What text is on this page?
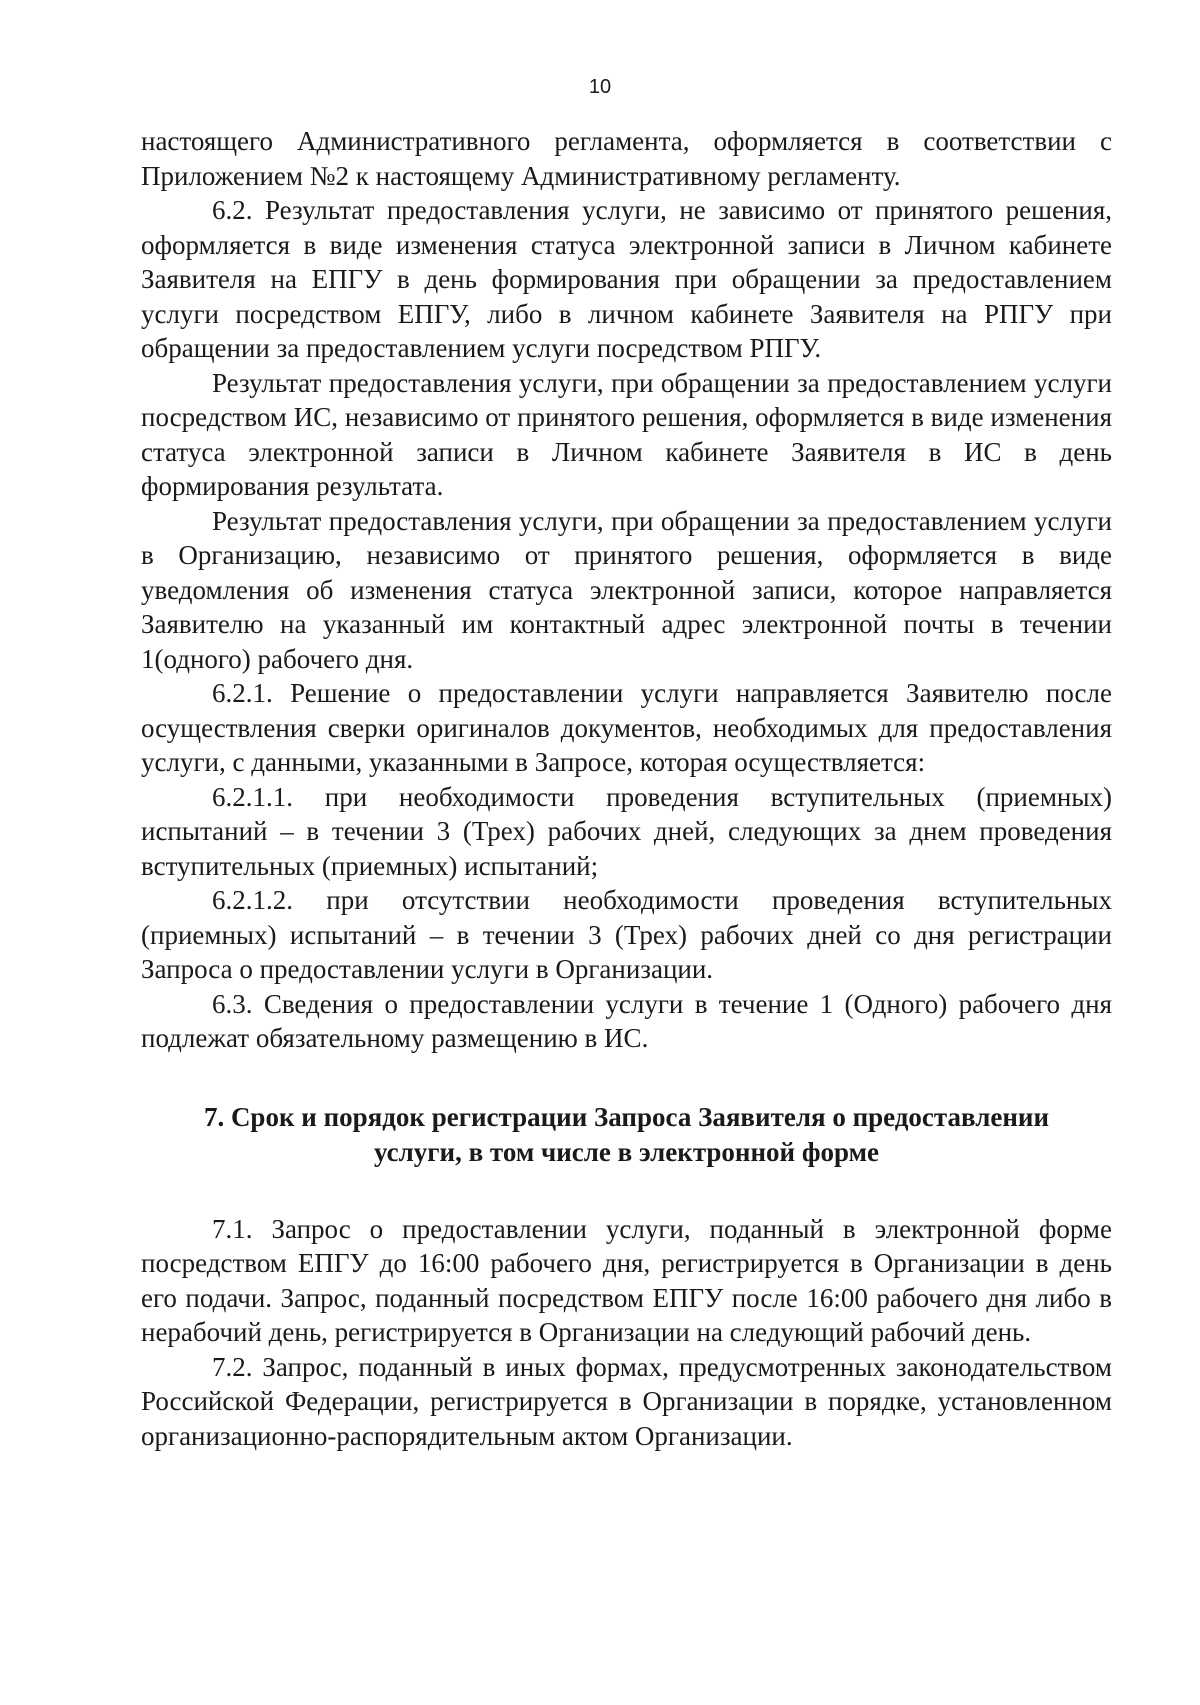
10

настоящего Административного регламента, оформляется в соответствии с Приложением №2 к настоящему Административному регламенту.

6.2. Результат предоставления услуги, не зависимо от принятого решения, оформляется в виде изменения статуса электронной записи в Личном кабинете Заявителя на ЕПГУ в день формирования при обращении за предоставлением услуги посредством ЕПГУ, либо в личном кабинете Заявителя на РПГУ при обращении за предоставлением услуги посредством РПГУ.

Результат предоставления услуги, при обращении за предоставлением услуги посредством ИС, независимо от принятого решения, оформляется в виде изменения статуса электронной записи в Личном кабинете Заявителя в ИС в день формирования результата.

Результат предоставления услуги, при обращении за предоставлением услуги в Организацию, независимо от принятого решения, оформляется в виде уведомления об изменения статуса электронной записи, которое направляется Заявителю на указанный им контактный адрес электронной почты в течении 1(одного) рабочего дня.

6.2.1. Решение о предоставлении услуги направляется Заявителю после осуществления сверки оригиналов документов, необходимых для предоставления услуги, с данными, указанными в Запросе, которая осуществляется:

6.2.1.1. при необходимости проведения вступительных (приемных) испытаний – в течении 3 (Трех) рабочих дней, следующих за днем проведения вступительных (приемных) испытаний;

6.2.1.2. при отсутствии необходимости проведения вступительных (приемных) испытаний – в течении 3 (Трех) рабочих дней со дня регистрации Запроса о предоставлении услуги в Организации.

6.3. Сведения о предоставлении услуги в течение 1 (Одного) рабочего дня подлежат обязательному размещению в ИС.

7. Срок и порядок регистрации Запроса Заявителя о предоставлении
услуги, в том числе в электронной форме

7.1. Запрос о предоставлении услуги, поданный в электронной форме посредством ЕПГУ до 16:00 рабочего дня, регистрируется в Организации в день его подачи. Запрос, поданный посредством ЕПГУ после 16:00 рабочего дня либо в нерабочий день, регистрируется в Организации на следующий рабочий день.

7.2. Запрос, поданный в иных формах, предусмотренных законодательством Российской Федерации, регистрируется в Организации в порядке, установленном организационно-распорядительным актом Организации.
